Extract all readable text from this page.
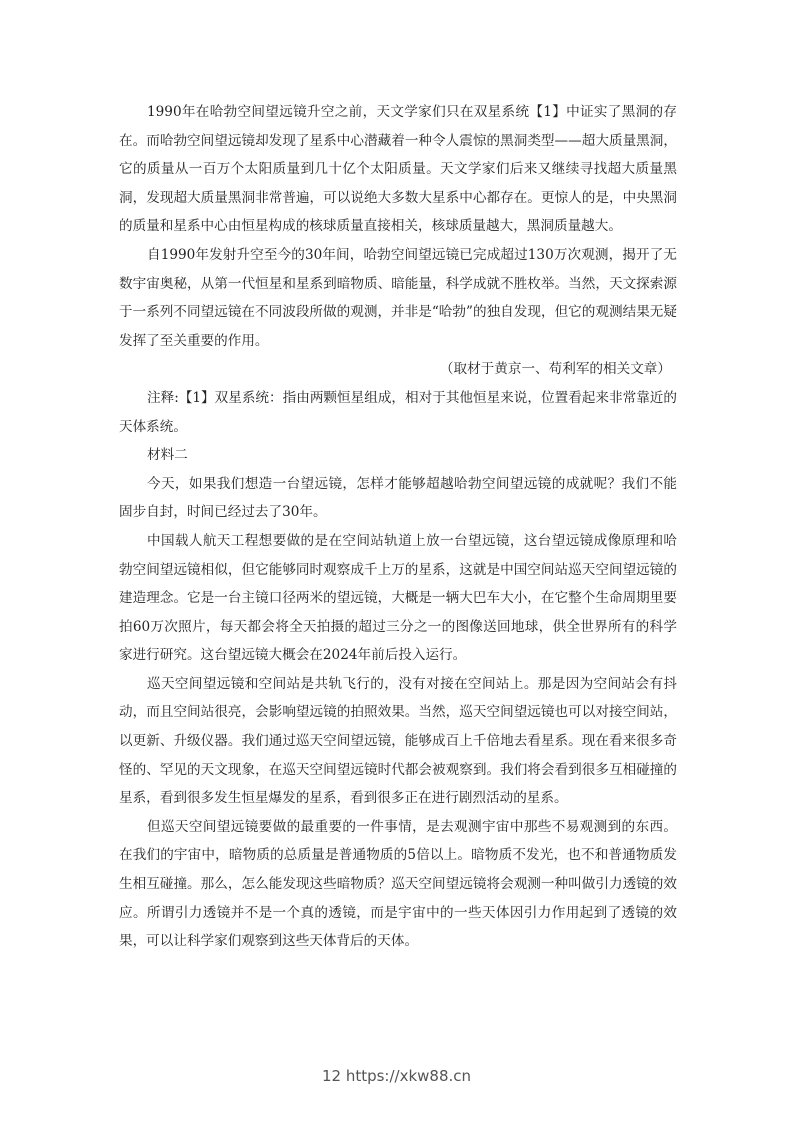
1990年在哈勃空间望远镜升空之前，天文学家们只在双星系统【1】中证实了黑洞的存在。而哈勃空间望远镜却发现了星系中心潜藏着一种令人震惊的黑洞类型——超大质量黑洞，它的质量从一百万个太阳质量到几十亿个太阳质量。天文学家们后来又继续寻找超大质量黑洞，发现超大质量黑洞非常普遍，可以说绝大多数大星系中心都存在。更惊人的是，中央黑洞的质量和星系中心由恒星构成的核球质量直接相关，核球质量越大，黑洞质量越大。

自1990年发射升空至今的30年间，哈勃空间望远镜已完成超过130万次观测，揭开了无数宇宙奥秘，从第一代恒星和星系到暗物质、暗能量，科学成就不胜枚举。当然，天文探索源于一系列不同望远镜在不同波段所做的观测，并非是“哈勃”的独自发现，但它的观测结果无疑发挥了至关重要的作用。

（取材于黄京一、苟利军的相关文章）

注释:【1】双星系统：指由两颗恒星组成，相对于其他恒星来说，位置看起来非常靠近的天体系统。

材料二

今天，如果我们想造一台望远镜，怎样才能够超越哈勃空间望远镜的成就呢？我们不能固步自封，时间已经过去了30年。

中国载人航天工程想要做的是在空间站轨道上放一台望远镜，这台望远镜成像原理和哈勃空间望远镜相似，但它能够同时观察成千上万的星系，这就是中国空间站巡天空间望远镜的建造理念。它是一台主镜口径两米的望远镜，大概是一辆大巴车大小，在它整个生命周期里要拍60万次照片，每天都会将全天拍摄的超过三分之一的图像送回地球，供全世界所有的科学家进行研究。这台望远镜大概会在2024年前后投入运行。

巡天空间望远镜和空间站是共轨飞行的，没有对接在空间站上。那是因为空间站会有抖动，而且空间站很亮，会影响望远镜的拍照效果。当然，巡天空间望远镜也可以对接空间站，以更新、升级仪器。我们通过巡天空间望远镜，能够成百上千倍地去看星系。现在看来很多奇怪的、罕见的天文现象，在巡天空间望远镜时代都会被观察到。我们将会看到很多互相碰撞的星系，看到很多发生恒星爆发的星系，看到很多正在进行剧烈活动的星系。

但巡天空间望远镜要做的最重要的一件事情，是去观测宇宙中那些不易观测到的东西。在我们的宇宙中，暗物质的总质量是普通物质的5倍以上。暗物质不发光，也不和普通物质发生相互碰撞。那么，怎么能发现这些暗物质？巡天空间望远镜将会观测一种叫做引力透镜的效应。所谓引力透镜并不是一个真的透镜，而是宇宙中的一些天体因引力作用起到了透镜的效果，可以让科学家们观察到这些天体背后的天体。

12 https://xkw88.cn
